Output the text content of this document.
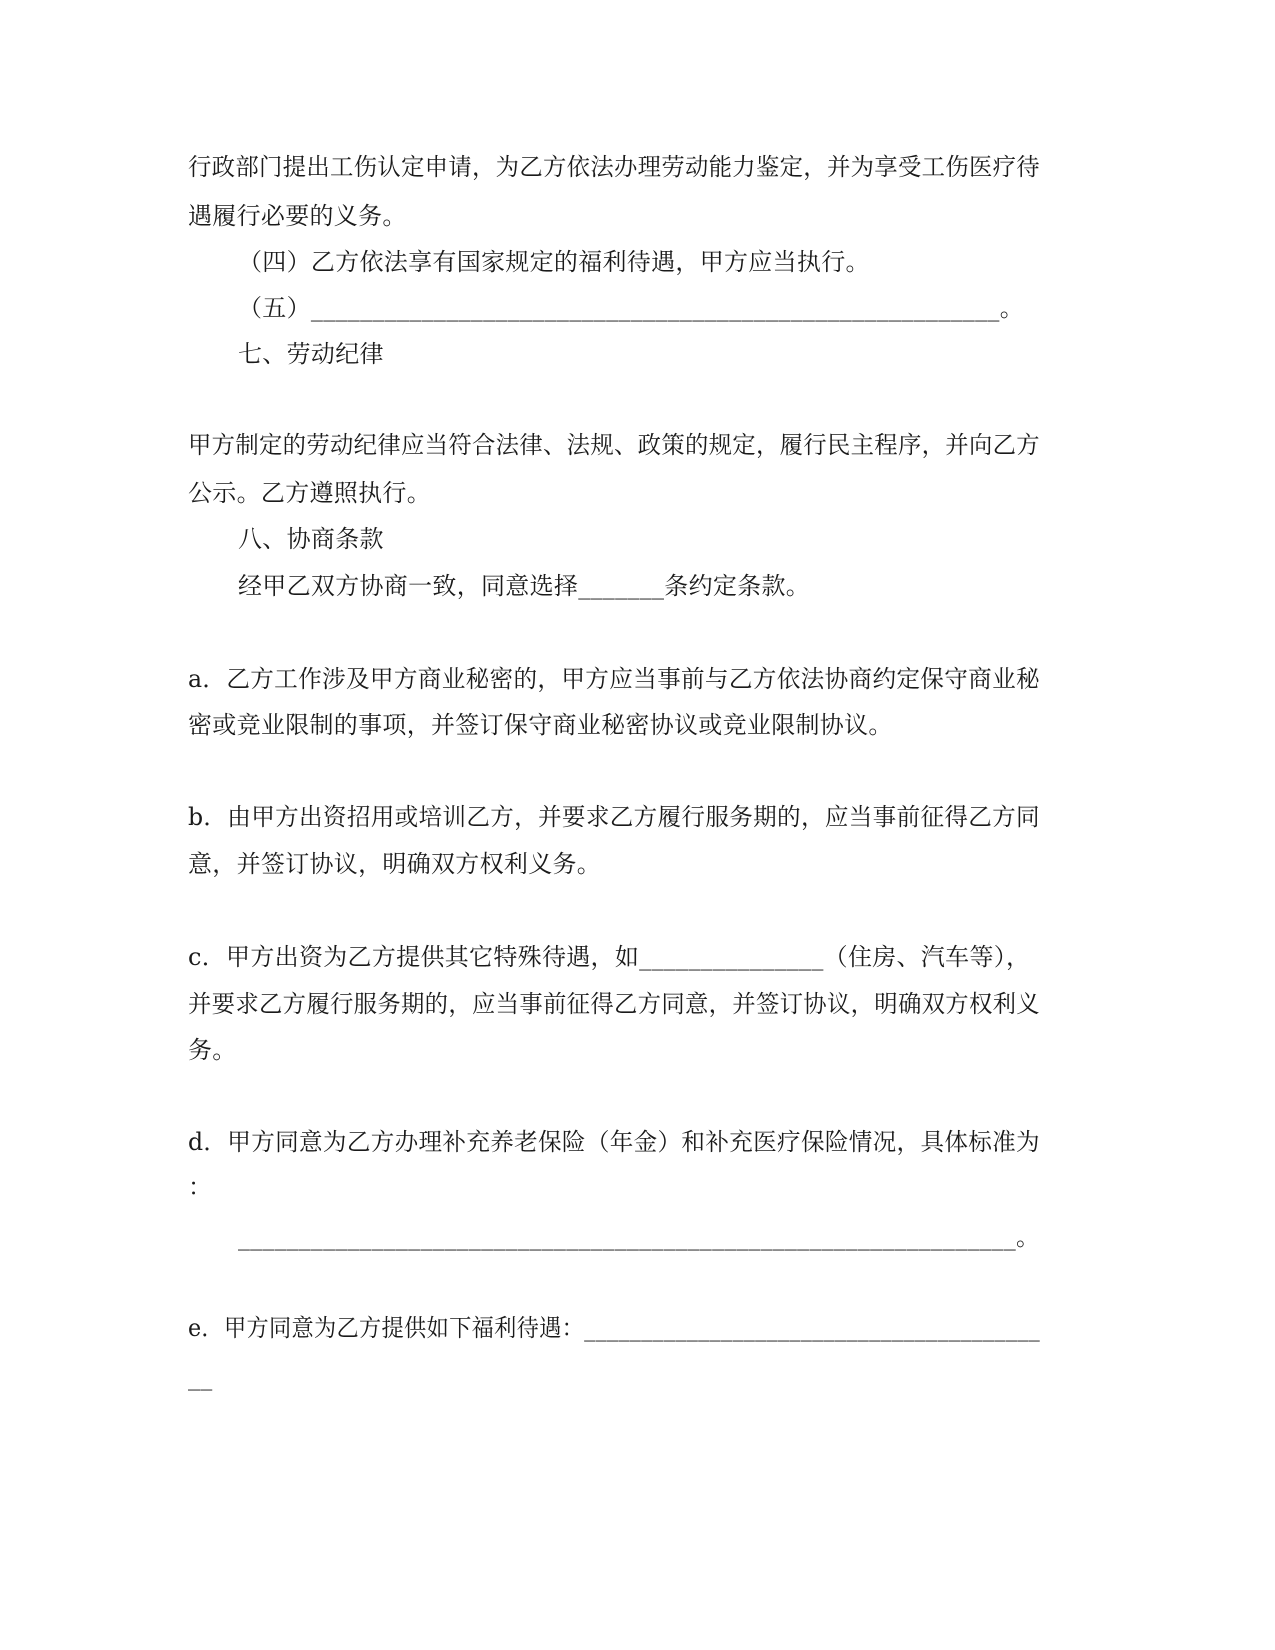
行政部门提出工伤认定申请，为乙方依法办理劳动能力鉴定，并为享受工伤医疗待
遇履行必要的义务。
（四）乙方依法享有国家规定的福利待遇，甲方应当执行。
（五）________________________________________________________。
七、劳动纪律
甲方制定的劳动纪律应当符合法律、法规、政策的规定，履行民主程序，并向乙方
公示。乙方遵照执行。
八、协商条款
经甲乙双方协商一致，同意选择_______条约定条款。
a．乙方工作涉及甲方商业秘密的，甲方应当事前与乙方依法协商约定保守商业秘
密或竞业限制的事项，并签订保守商业秘密协议或竞业限制协议。
b．由甲方出资招用或培训乙方，并要求乙方履行服务期的，应当事前征得乙方同
意，并签订协议，明确双方权利义务。
c．甲方出资为乙方提供其它特殊待遇，如_______________（住房、汽车等），
并要求乙方履行服务期的，应当事前征得乙方同意，并签订协议，明确双方权利义
务。
d．甲方同意为乙方办理补充养老保险（年金）和补充医疗保险情况，具体标准为
：
________________________________________________________________。
e．甲方同意为乙方提供如下福利待遇：________________________________________
__
